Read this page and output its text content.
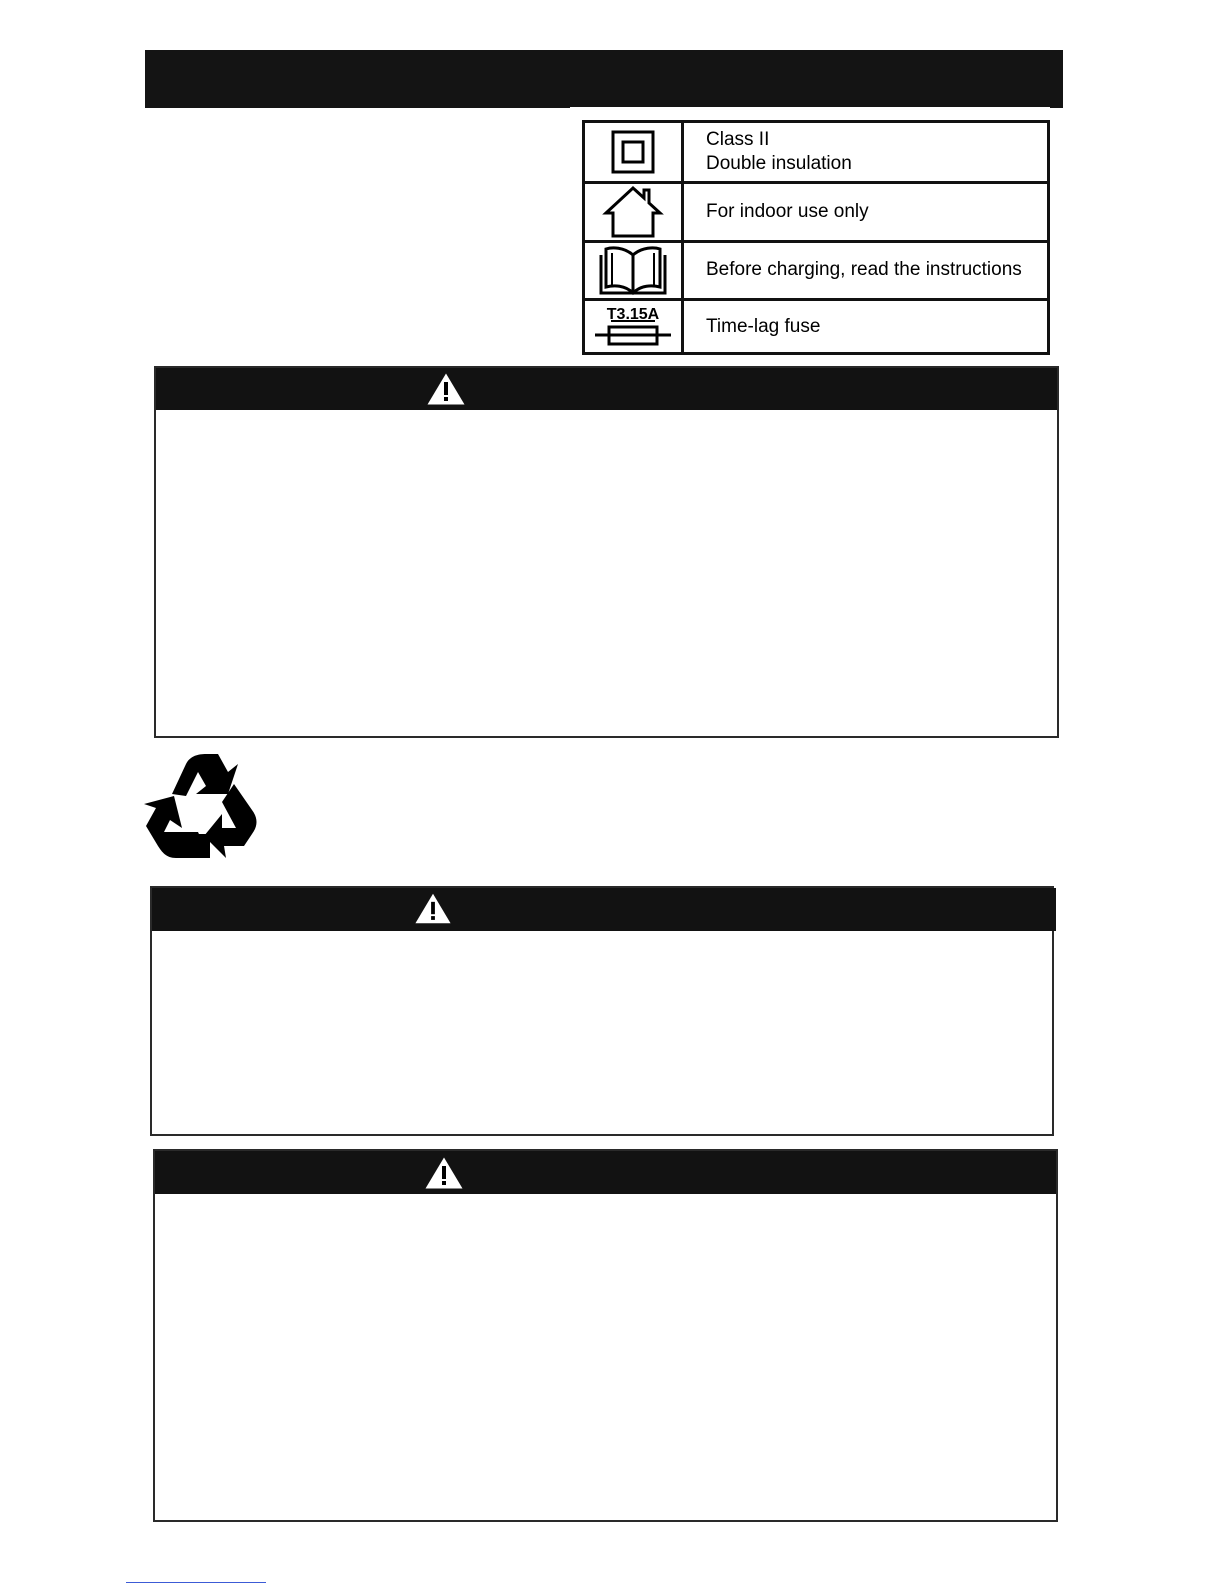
Class II
Double insulation

For indoor use only

Before charging, read the instructions

T3.15A	Time-lag fuse
